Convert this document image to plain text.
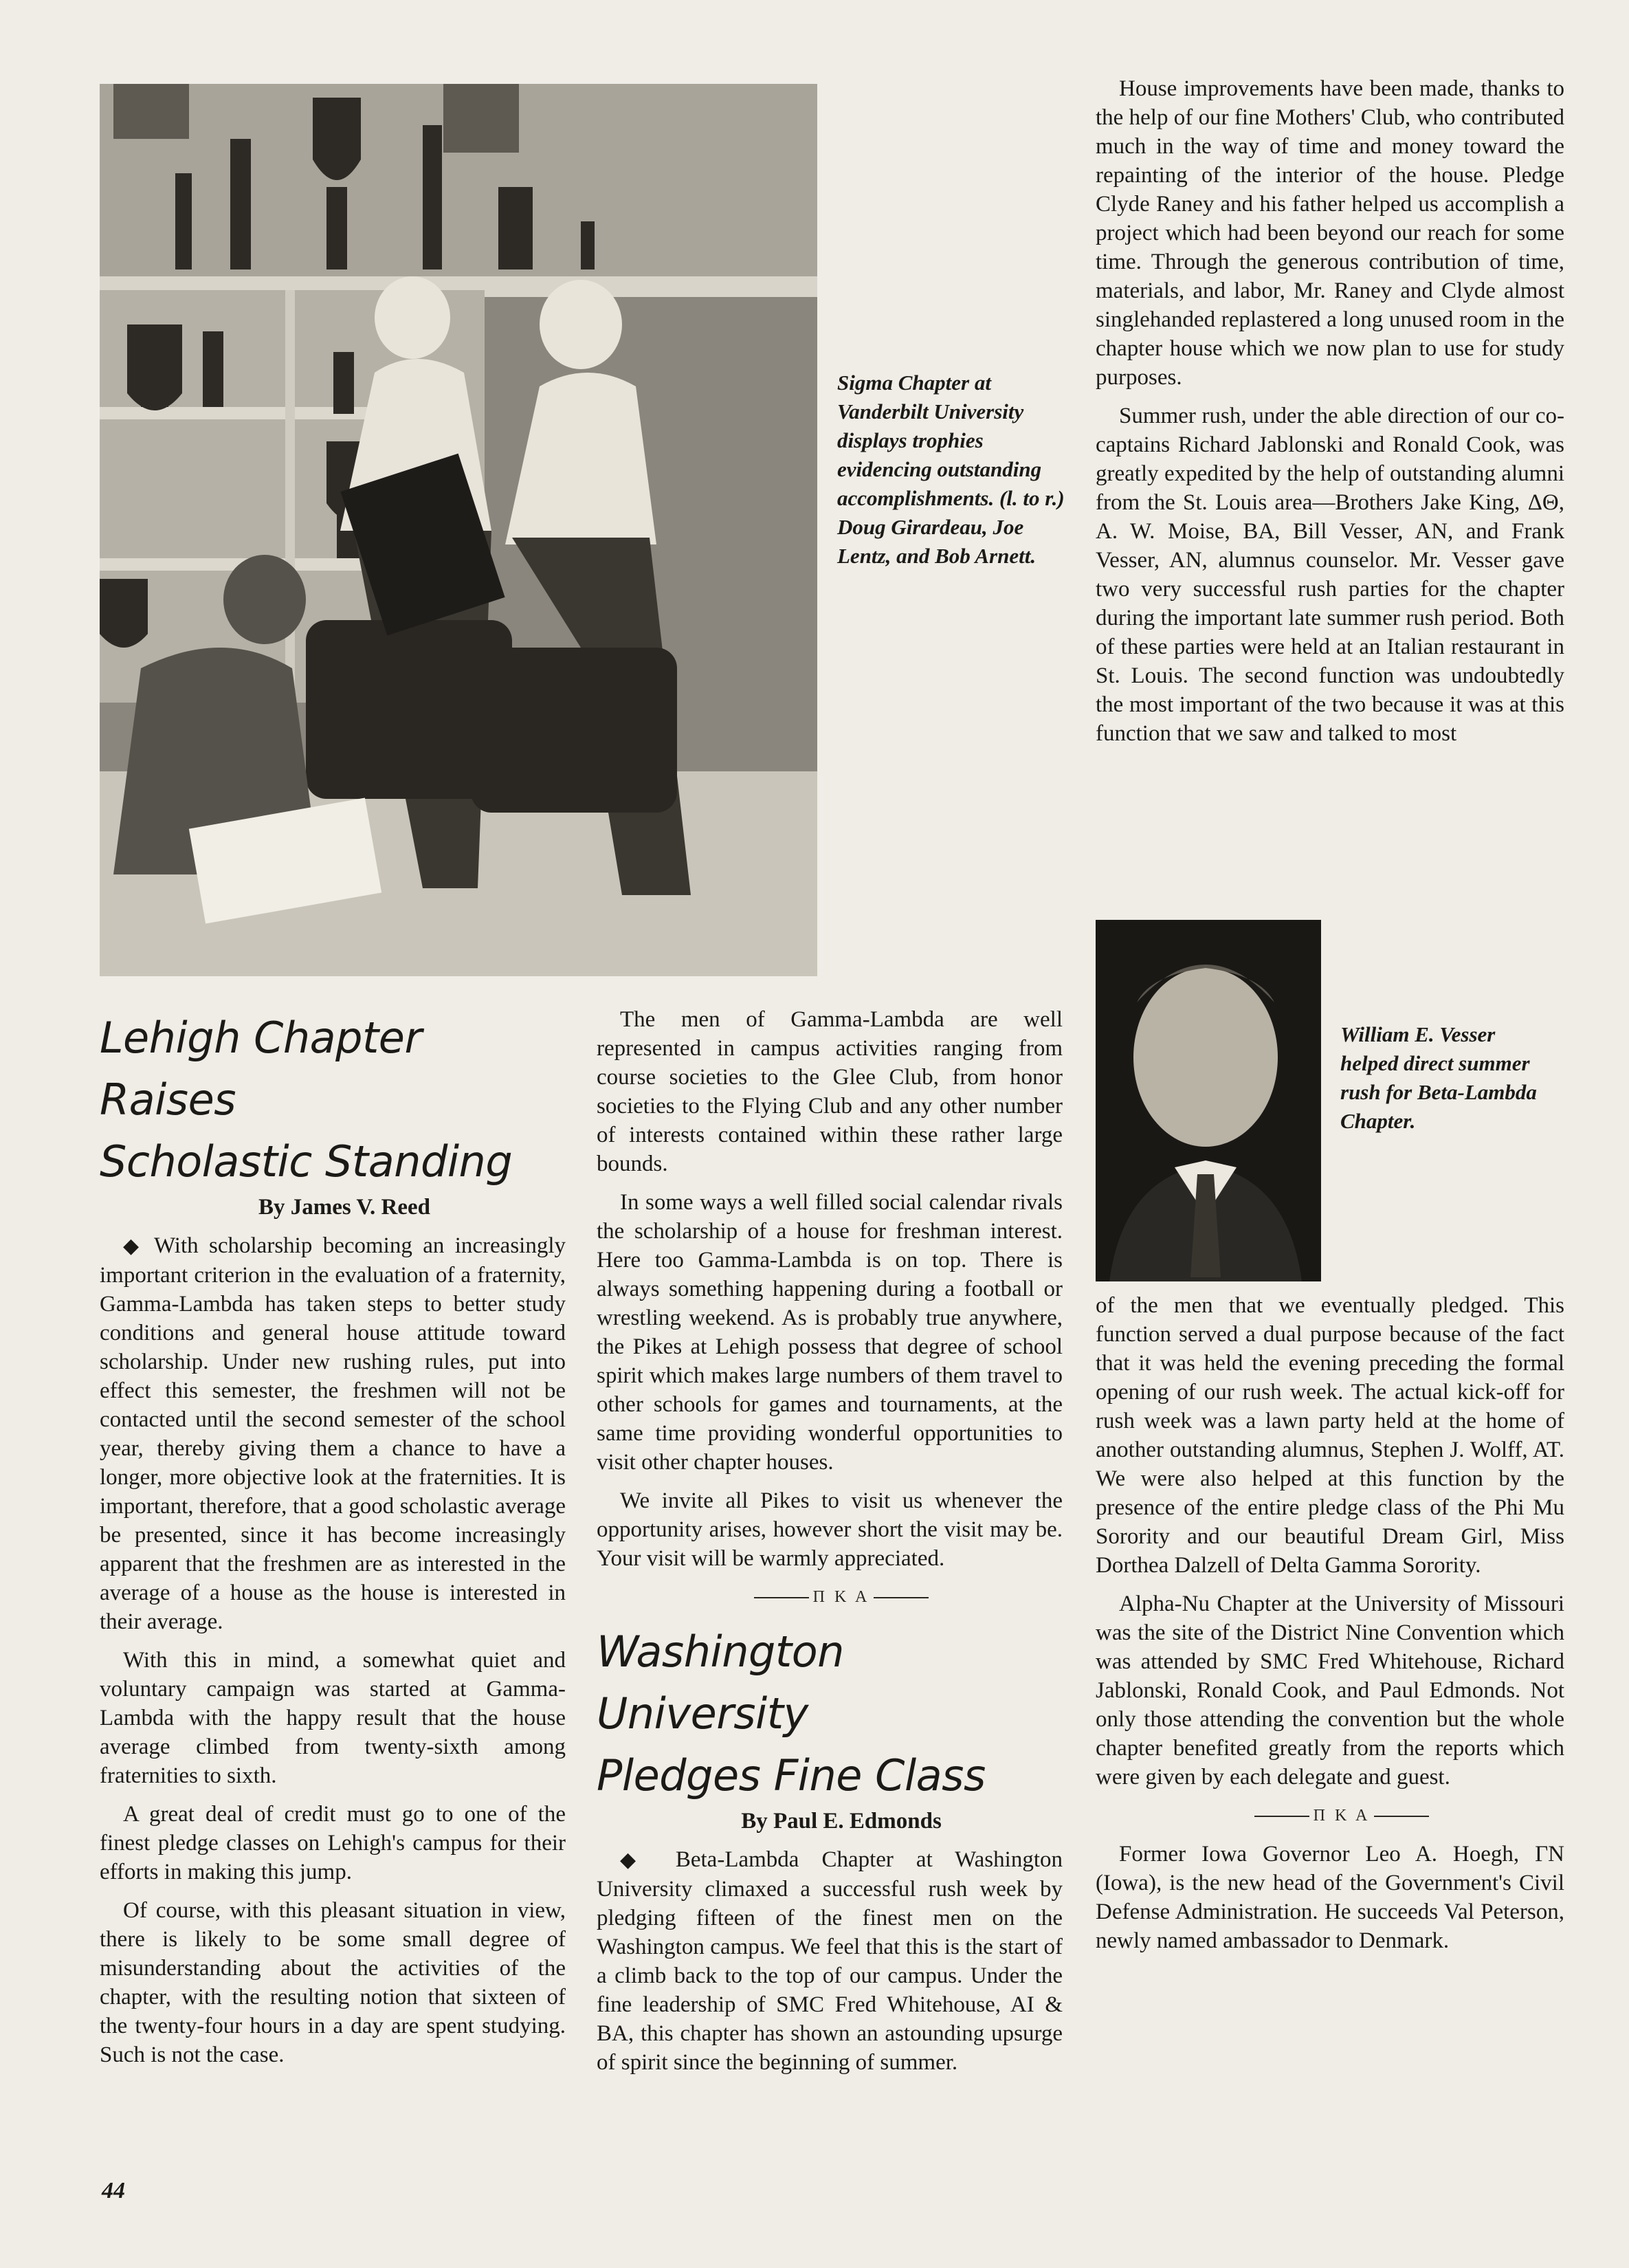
Sigma Chapter at Vanderbilt University displays trophies evidencing outstanding accomplishments. (l. to r.) Doug Girardeau, Joe Lentz, and Bob Arnett.
William E. Vesser helped direct summer rush for Beta-Lambda Chapter.
Lehigh Chapter Raises
Scholastic Standing

By James V. Reed

◆ With scholarship becoming an increasingly important criterion in the evaluation of a fraternity, Gamma-Lambda has taken steps to better study conditions and general house attitude toward scholarship. Under new rushing rules, put into effect this semester, the freshmen will not be contacted until the second semester of the school year, thereby giving them a chance to have a longer, more objective look at the fraternities. It is important, therefore, that a good scholastic average be presented, since it has become increasingly apparent that the freshmen are as interested in the average of a house as the house is interested in their average.

With this in mind, a somewhat quiet and voluntary campaign was started at Gamma-Lambda with the happy result that the house average climbed from twenty-sixth among fraternities to sixth.

A great deal of credit must go to one of the finest pledge classes on Lehigh's campus for their efforts in making this jump.

Of course, with this pleasant situation in view, there is likely to be some small degree of misunderstanding about the activities of the chapter, with the resulting notion that sixteen of the twenty-four hours in a day are spent studying. Such is not the case.

The men of Gamma-Lambda are well represented in campus activities ranging from course societies to the Glee Club, from honor societies to the Flying Club and any other number of interests contained within these rather large bounds.

In some ways a well filled social calendar rivals the scholarship of a house for freshman interest. Here too Gamma-Lambda is on top. There is always something happening during a football or wrestling weekend. As is probably true anywhere, the Pikes at Lehigh possess that degree of school spirit which makes large numbers of them travel to other schools for games and tournaments, at the same time providing wonderful opportunities to visit other chapter houses.

We invite all Pikes to visit us whenever the opportunity arises, however short the visit may be. Your visit will be warmly appreciated.

Π K A

Washington University
Pledges Fine Class

By Paul E. Edmonds

◆ Beta-Lambda Chapter at Washington University climaxed a successful rush week by pledging fifteen of the finest men on the Washington campus. We feel that this is the start of a climb back to the top of our campus. Under the fine leadership of SMC Fred Whitehouse, AI & BA, this chapter has shown an astounding upsurge of spirit since the beginning of summer.

House improvements have been made, thanks to the help of our fine Mothers' Club, who contributed much in the way of time and money toward the repainting of the interior of the house. Pledge Clyde Raney and his father helped us accomplish a project which had been beyond our reach for some time. Through the generous contribution of time, materials, and labor, Mr. Raney and Clyde almost singlehanded replastered a long unused room in the chapter house which we now plan to use for study purposes.

Summer rush, under the able direction of our co-captains Richard Jablonski and Ronald Cook, was greatly expedited by the help of outstanding alumni from the St. Louis area—Brothers Jake King, ΔΘ, A. W. Moise, BA, Bill Vesser, AN, and Frank Vesser, AN, alumnus counselor. Mr. Vesser gave two very successful rush parties for the chapter during the important late summer rush period. Both of these parties were held at an Italian restaurant in St. Louis. The second function was undoubtedly the most important of the two because it was at this function that we saw and talked to most

of the men that we eventually pledged. This function served a dual purpose because of the fact that it was held the evening preceding the formal opening of our rush week. The actual kick-off for rush week was a lawn party held at the home of another outstanding alumnus, Stephen J. Wolff, AT. We were also helped at this function by the presence of the entire pledge class of the Phi Mu Sorority and our beautiful Dream Girl, Miss Dorthea Dalzell of Delta Gamma Sorority.

Alpha-Nu Chapter at the University of Missouri was the site of the District Nine Convention which was attended by SMC Fred Whitehouse, Richard Jablonski, Ronald Cook, and Paul Edmonds. Not only those attending the convention but the whole chapter benefited greatly from the reports which were given by each delegate and guest.

Π K A

Former Iowa Governor Leo A. Hoegh, ΓN (Iowa), is the new head of the Government's Civil Defense Administration. He succeeds Val Peterson, newly named ambassador to Denmark.

44
